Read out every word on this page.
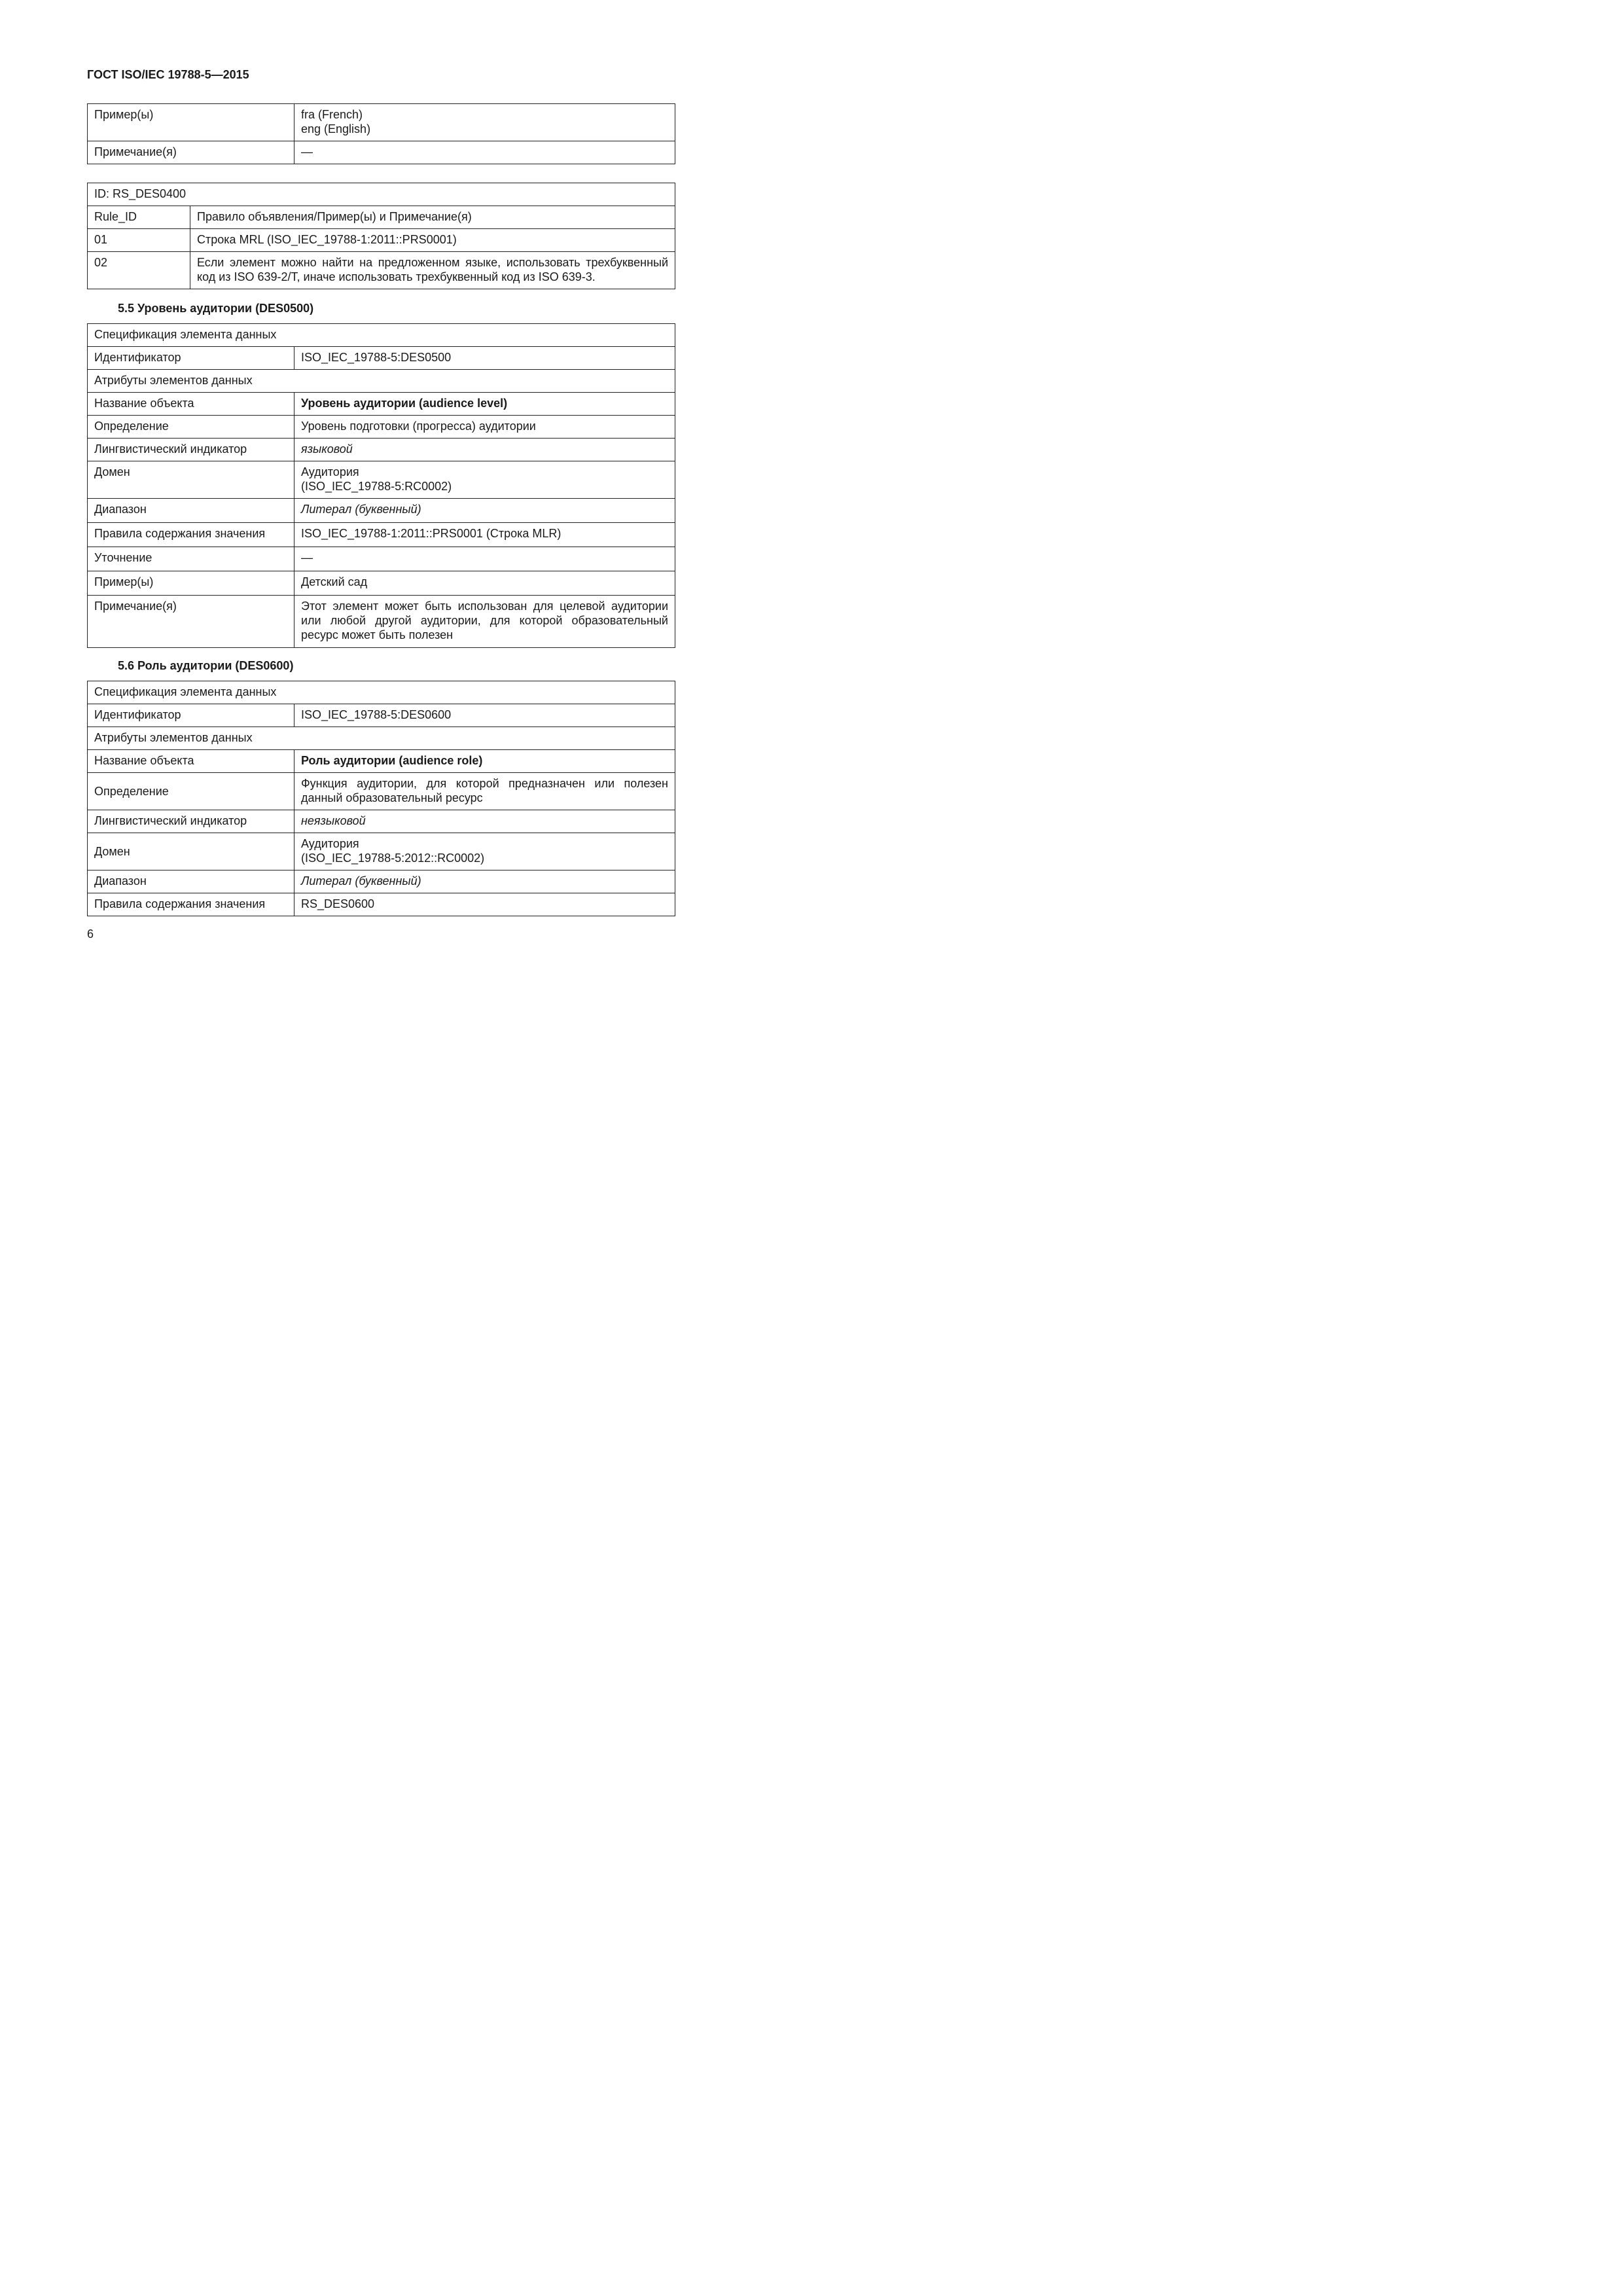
ГОСТ ISO/IEC 19788-5—2015
Пример(ы)	fra (French)
eng (English)

Примечание(я)	—
ID: RS_DES0400	
Rule_ID	Правило объявления/Пример(ы) и Примечание(я)
01	Строка MRL (ISO_IEC_19788-1:2011::PRS0001)
02	Если элемент можно найти на предложенном языке, использовать трехбуквенный код из ISO 639-2/T, иначе использовать трехбуквенный код из ISO 639-3.
5.5 Уровень аудитории (DES0500)
Спецификация элемента данных	
Идентификатор	ISO_IEC_19788-5:DES0500
Атрибуты элементов данных	
Название объекта	Уровень аудитории (audience level)
Определение	Уровень подготовки (прогресса) аудитории
Лингвистический индикатор	языковой
Домен	Аудитория
(ISO_IEC_19788-5:RC0002)

Диапазон	Литерал (буквенный)
Правила содержания значения	ISO_IEC_19788-1:2011::PRS0001 (Строка MLR)
Уточнение	—
Пример(ы)	Детский сад
Примечание(я)	Этот элемент может быть использован для целевой аудитории или любой другой аудитории, для которой образовательный ресурс может быть полезен
5.6 Роль аудитории (DES0600)
Спецификация элемента данных	
Идентификатор	ISO_IEC_19788-5:DES0600
Атрибуты элементов данных	
Название объекта	Роль аудитории (audience role)
Определение	Функция аудитории, для которой предназначен или полезен данный образовательный ресурс
Лингвистический индикатор	неязыковой
Домен	Аудитория
(ISO_IEC_19788-5:2012::RC0002)

Диапазон	Литерал (буквенный)
Правила содержания значения	RS_DES0600
6
